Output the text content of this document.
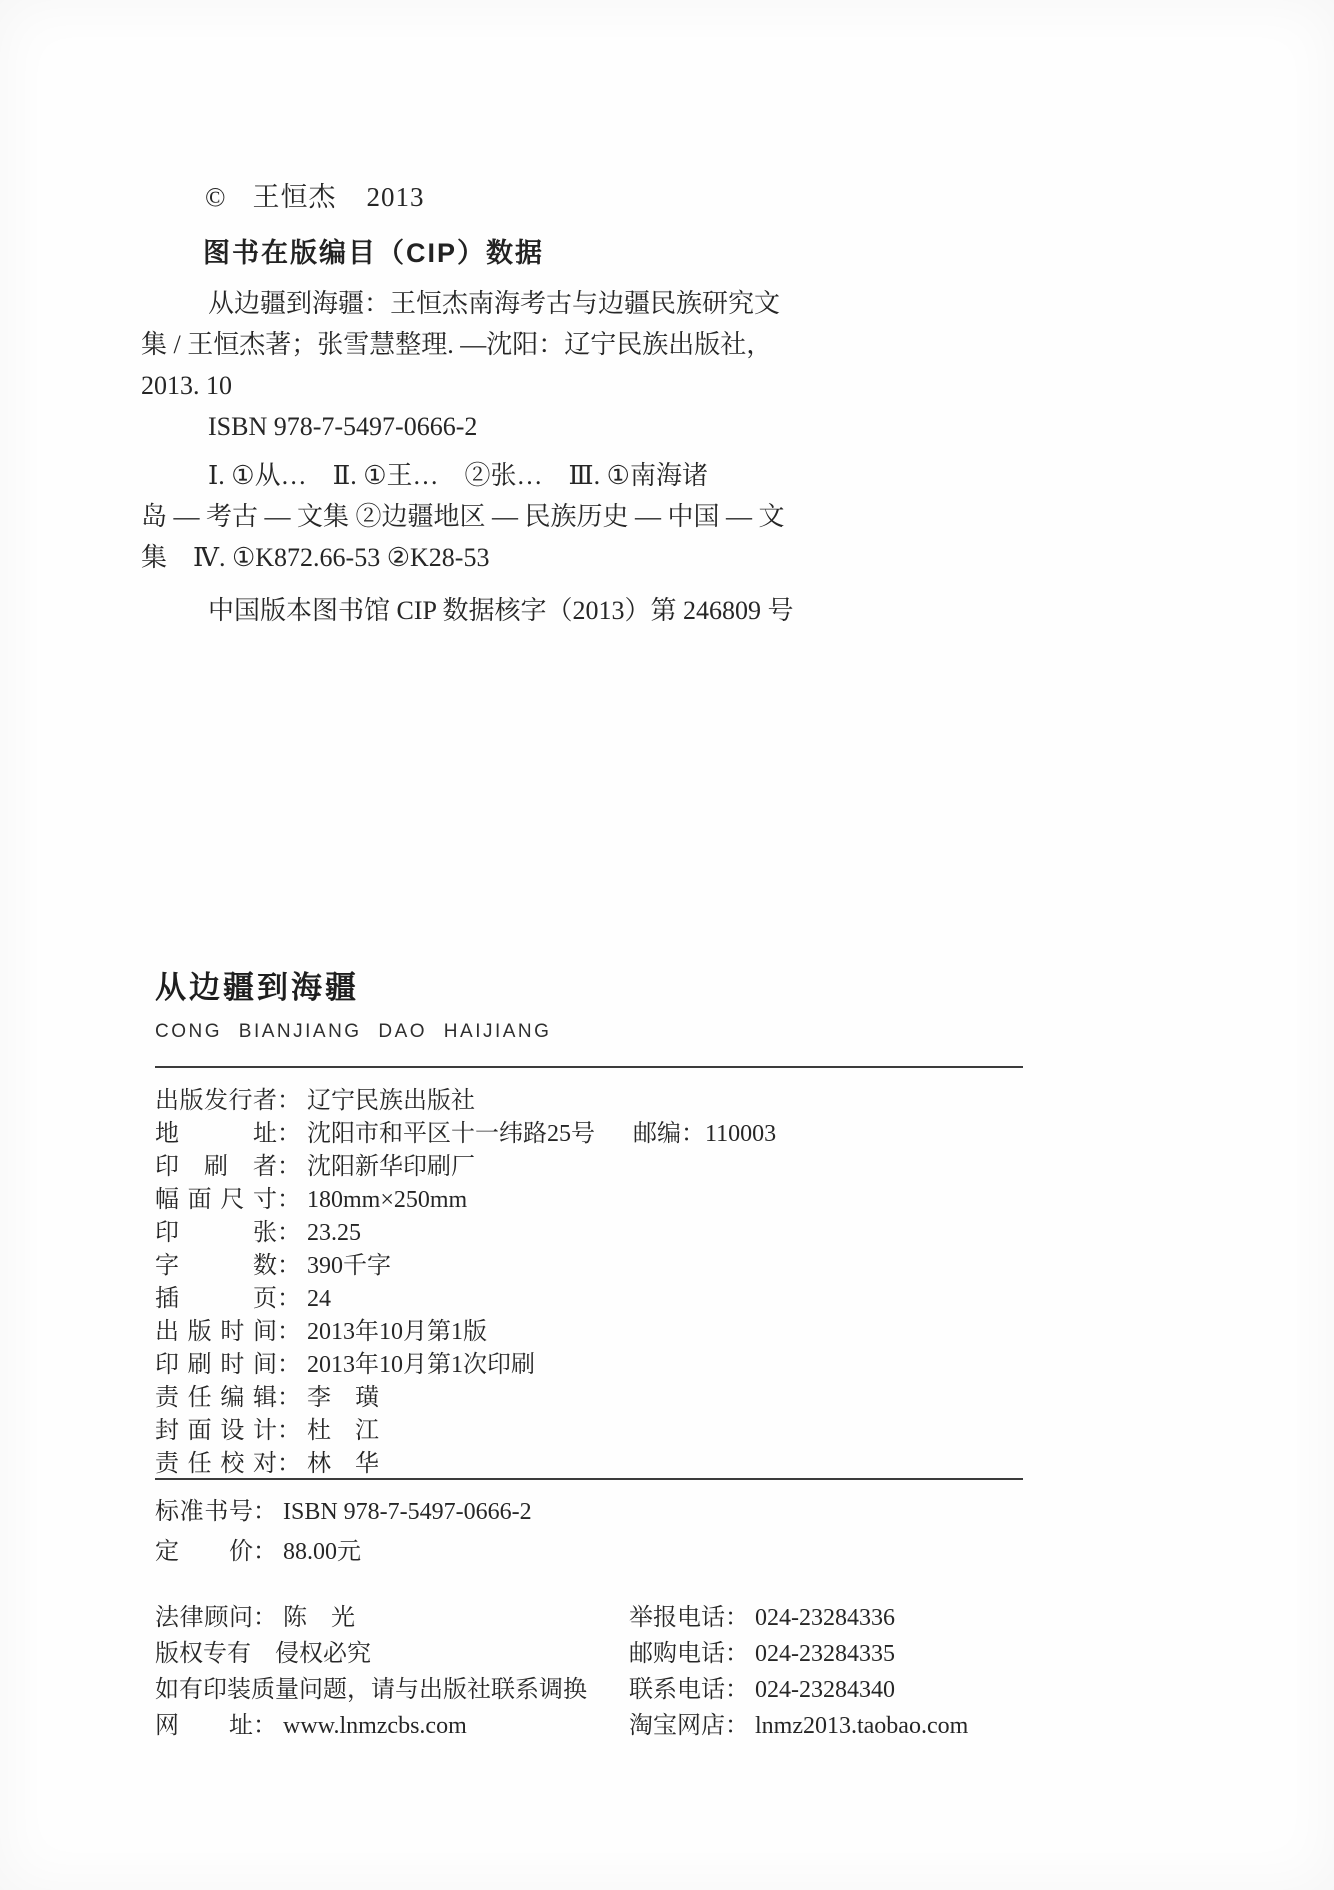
© 王恒杰 2013
图书在版编目（CIP）数据
从边疆到海疆：王恒杰南海考古与边疆民族研究文
集 / 王恒杰著；张雪慧整理. —沈阳：辽宁民族出版社，
2013. 10
ISBN 978-7-5497-0666-2
Ⅰ. ①从…　Ⅱ. ①王…　②张…　Ⅲ. ①南海诸
岛 — 考古 — 文集 ②边疆地区 — 民族历史 — 中国 — 文
集　Ⅳ. ①K872.66-53 ②K28-53
中国版本图书馆 CIP 数据核字（2013）第 246809 号
从边疆到海疆
CONG BIANJIANG DAO HAIJIANG
出版发行者： 辽宁民族出版社
地址： 沈阳市和平区十一纬路25号 邮编：110003
印刷者： 沈阳新华印刷厂
幅面尺寸： 180mm×250mm
印张： 23.25
字数： 390千字
插页： 24
出版时间： 2013年10月第1版
印刷时间： 2013年10月第1次印刷
责任编辑： 李　璜
封面设计： 杜　江
责任校对： 林　华
标准书号： ISBN 978-7-5497-0666-2
定价： 88.00元
法律顾问： 陈　光
版权专有　侵权必究
如有印装质量问题，请与出版社联系调换
网址： www.lnmzcbs.com
举报电话： 024-23284336
邮购电话： 024-23284335
联系电话： 024-23284340
淘宝网店： lnmz2013.taobao.com
